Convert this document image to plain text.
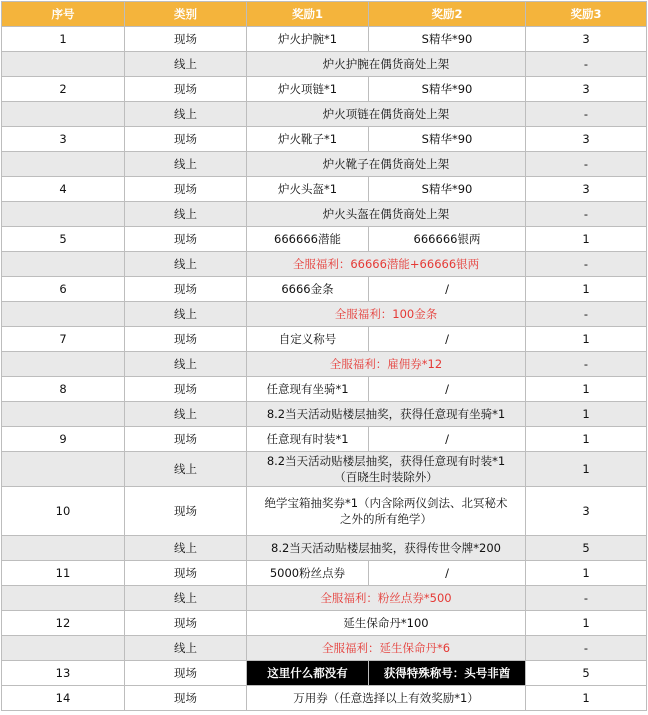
序号	类别	奖励1	奖励2	奖励3
1	现场	炉火护腕*1	S精华*90	3
	线上	炉火护腕在偶货商处上架		-
2	现场	炉火项链*1	S精华*90	3
	线上	炉火项链在偶货商处上架		-
3	现场	炉火靴子*1	S精华*90	3
	线上	炉火靴子在偶货商处上架		-
4	现场	炉火头盔*1	S精华*90	3
	线上	炉火头盔在偶货商处上架		-
5	现场	666666潜能	666666银两	1
	线上	全服福利：66666潜能+66666银两		-
6	现场	6666金条	/	1
	线上	全服福利：100金条		-
7	现场	自定义称号	/	1
	线上	全服福利：雇佣券*12		-
8	现场	任意现有坐骑*1	/	1
	线上	8.2当天活动贴楼层抽奖，获得任意现有坐骑*1		1
9	现场	任意现有时装*1	/	1
	线上	8.2当天活动贴楼层抽奖，获得任意现有时装*1（百晓生时装除外）		1
10	现场	绝学宝箱抽奖券*1（内含除两仪剑法、北冥秘术之外的所有绝学）		3
	线上	8.2当天活动贴楼层抽奖，获得传世令牌*200		5
11	现场	5000粉丝点券	/	1
	线上	全服福利：粉丝点券*500		-
12	现场	延生保命丹*100		1
	线上	全服福利：延生保命丹*6		-
13	现场	这里什么都没有	获得特殊称号：头号非酋	5
14	现场	万用券（任意选择以上有效奖励*1）		1
